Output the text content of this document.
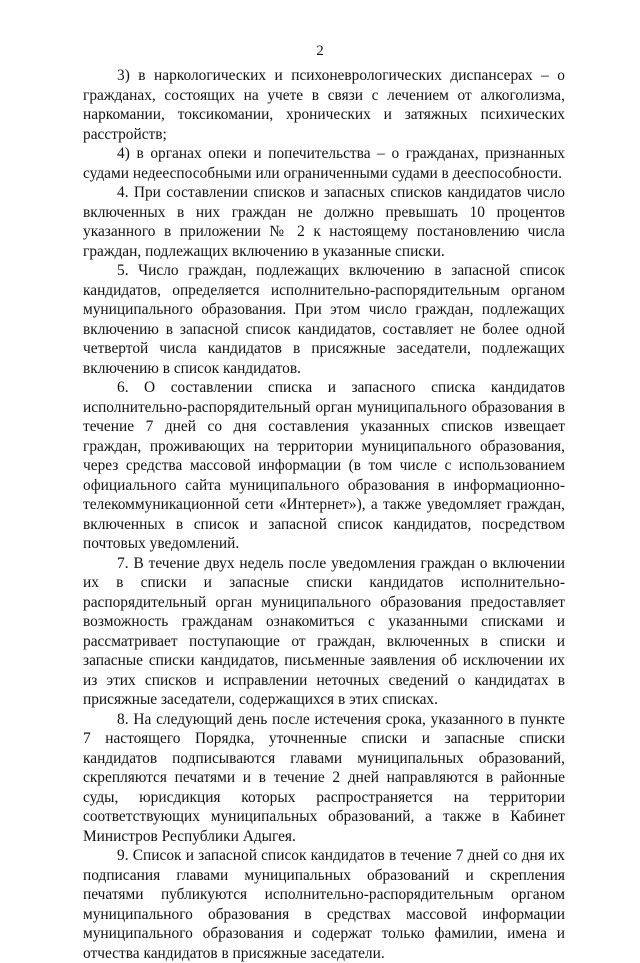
2

3) в наркологических и психоневрологических диспансерах – о гражданах, состоящих на учете в связи с лечением от алкоголизма, наркомании, токсикомании, хронических и затяжных психических расстройств;

4) в органах опеки и попечительства – о гражданах, признанных судами недееспособными или ограниченными судами в дееспособности.

4. При составлении списков и запасных списков кандидатов число включенных в них граждан не должно превышать 10 процентов указанного в приложении № 2 к настоящему постановлению числа граждан, подлежащих включению в указанные списки.

5. Число граждан, подлежащих включению в запасной список кандидатов, определяется исполнительно-распорядительным органом муниципального образования. При этом число граждан, подлежащих включению в запасной список кандидатов, составляет не более одной четвертой числа кандидатов в присяжные заседатели, подлежащих включению в список кандидатов.

6. О составлении списка и запасного списка кандидатов исполнительно-распорядительный орган муниципального образования в течение 7 дней со дня составления указанных списков извещает граждан, проживающих на территории муниципального образования, через средства массовой информации (в том числе с использованием официального сайта муниципального образования в информационно-телекоммуникационной сети «Интернет»), а также уведомляет граждан, включенных в список и запасной список кандидатов, посредством почтовых уведомлений.

7. В течение двух недель после уведомления граждан о включении их в списки и запасные списки кандидатов исполнительно-распорядительный орган муниципального образования предоставляет возможность гражданам ознакомиться с указанными списками и рассматривает поступающие от граждан, включенных в списки и запасные списки кандидатов, письменные заявления об исключении их из этих списков и исправлении неточных сведений о кандидатах в присяжные заседатели, содержащихся в этих списках.

8. На следующий день после истечения срока, указанного в пункте 7 настоящего Порядка, уточненные списки и запасные списки кандидатов подписываются главами муниципальных образований, скрепляются печатями и в течение 2 дней направляются в районные суды, юрисдикция которых распространяется на территории соответствующих муниципальных образований, а также в Кабинет Министров Республики Адыгея.

9. Список и запасной список кандидатов в течение 7 дней со дня их подписания главами муниципальных образований и скрепления печатями публикуются исполнительно-распорядительным органом муниципального образования в средствах массовой информации муниципального образования и содержат только фамилии, имена и отчества кандидатов в присяжные заседатели.
